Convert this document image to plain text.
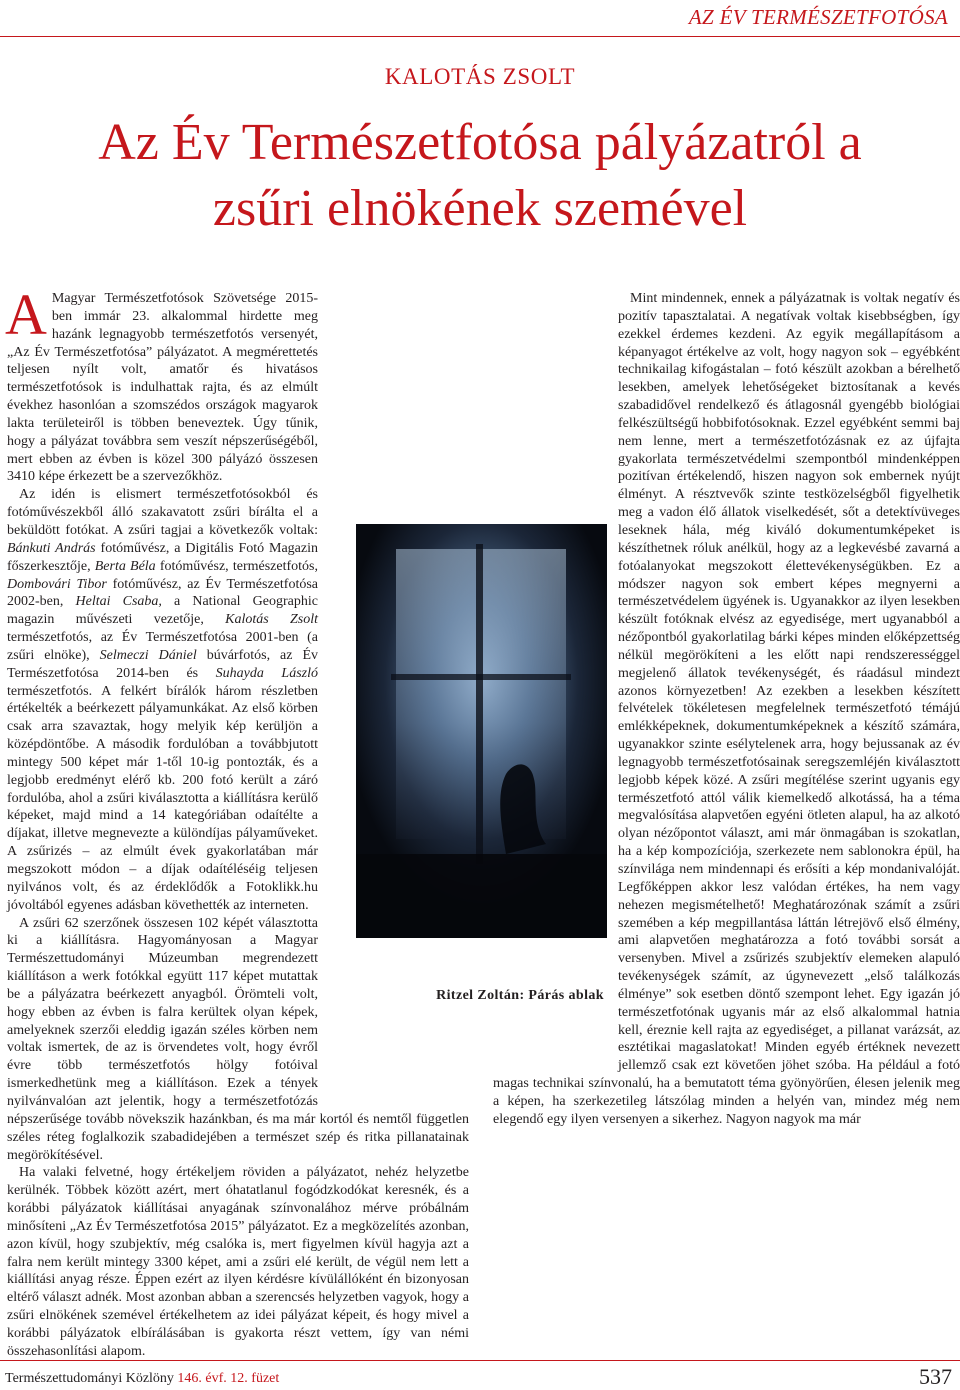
AZ ÉV TERMÉSZETFOTÓSA
KALOTÁS ZSOLT
Az Év Természetfotósa pályázatról a
zsűri elnökének szemével

A Magyar Természetfotósok Szövetsége 2015-ben immár 23. alkalommal hirdette meg hazánk legnagyobb természetfotós versenyét, „Az Év Természetfotósa” pályázatot. A megmérettetés teljesen nyílt volt, amatőr és hivatásos természetfotósok is indulhattak rajta, és az elmúlt évekhez hasonlóan a szomszédos országok magyarok lakta területeiről is többen beneveztek. Úgy tűnik, hogy a pályázat továbbra sem veszít népszerűségéből, mert ebben az évben is közel 300 pályázó összesen 3410 képe érkezett be a szervezőkhöz.

Az idén is elismert természetfotósokból és fotóművészekből álló szakavatott zsűri bírálta el a beküldött fotókat. A zsűri tagjai a következők voltak: Bánkuti András fotóművész, a Digitális Fotó Magazin főszerkesztője, Berta Béla fotóművész, természetfotós, Dombovári Tibor fotóművész, az Év Természetfotósa 2002-ben, Heltai Csaba, a National Geographic magazin művészeti vezetője, Kalotás Zsolt természetfotós, az Év Természetfotósa 2001-ben (a zsűri elnöke), Selmeczi Dániel búvárfotós, az Év Természetfotósa 2014-ben és Suhayda László természetfotós. A felkért bírálók három részletben értékelték a beérkezett pályamunkákat. Az első körben csak arra szavaztak, hogy melyik kép kerüljön a középdöntőbe. A második fordulóban a továbbjutott mintegy 500 képet már 1-től 10-ig pontozták, és a legjobb eredményt elérő kb. 200 fotó került a záró fordulóba, ahol a zsűri kiválasztotta a kiállításra kerülő képeket, majd mind a 14 kategóriában odaítélte a díjakat, illetve megnevezte a különdíjas pályaműveket. A zsűrizés – az elmúlt évek gyakorlatában már megszokott módon – a díjak odaítéléséig teljesen nyilvános volt, és az érdeklődők a Fotoklikk.hu jóvoltából egyenes adásban követhették az interneten.

A zsűri 62 szerzőnek összesen 102 képét választotta ki a kiállításra. Hagyományosan a Magyar Természettudományi Múzeumban megrendezett kiállításon a werk fotókkal együtt 117 képet mutattak be a pályázatra beérkezett anyagból. Örömteli volt, hogy ebben az évben is falra kerültek olyan képek, amelyeknek szerzői eleddig igazán széles körben nem voltak ismertek, de az is örvendetes volt, hogy évről évre több természetfotós hölgy fotóival ismerkedhetünk meg a kiállításon. Ezek a tények nyilvánvalóan azt jelentik, hogy a természetfotózás népszerűsége tovább növekszik hazánkban, és ma már kortól és nemtől független széles réteg foglalkozik szabadidejében a természet szép és ritka pillanatainak megörökítésével.

Ha valaki felvetné, hogy értékeljem röviden a pályázatot, nehéz helyzetbe kerülnék. Többek között azért, mert óhatatlanul fogódzkodókat keresnék, és a korábbi pályázatok kiállításai anyagának színvonalához mérve próbálnám minősíteni „Az Év Természetfotósa 2015” pályázatot. Ez a megközelítés azonban, azon kívül, hogy szubjektív, még csalóka is, mert figyelmen kívül hagyja azt a falra nem került mintegy 3300 képet, ami a zsűri elé került, de végül nem lett a kiállítási anyag része. Éppen ezért az ilyen kérdésre kívülállóként én bizonyosan eltérő választ adnék. Most azonban abban a szerencsés helyzetben vagyok, hogy a zsűri elnökének szemével értékelhetem az idei pályázat képeit, és hogy mivel a korábbi pályázatok elbírálásában is gyakorta részt vettem, így van némi összehasonlítási alapom.

Mint mindennek, ennek a pályázatnak is voltak negatív és pozitív tapasztalatai. A negatívak voltak kisebbségben, így ezekkel érdemes kezdeni. Az egyik megállapításom a képanyagot értékelve az volt, hogy nagyon sok – egyébként technikailag kifogástalan – fotó készült azokban a bérelhető lesekben, amelyek lehetőségeket biztosítanak a kevés szabadidővel rendelkező és átlagosnál gyengébb biológiai felkészültségű hobbifotósoknak. Ezzel egyébként semmi baj nem lenne, mert a természetfotózásnak ez az újfajta gyakorlata természetvédelmi szempontból mindenképpen pozitívan értékelendő, hiszen nagyon sok embernek nyújt élményt. A résztvevők szinte testközelségből figyelhetik meg a vadon élő állatok viselkedését, sőt a detektívüveges leseknek hála, még kiváló dokumentumképeket is készíthetnek róluk anélkül, hogy az a legkevésbé zavarná a fotóalanyokat megszokott élettevékenységükben. Ez a módszer nagyon sok embert képes megnyerni a természetvédelem ügyének is. Ugyanakkor az ilyen lesekben készült fotóknak elvész az egyedisége, mert ugyanabból a nézőpontból gyakorlatilag bárki képes minden előképzettség nélkül megörökíteni a les előtt napi rendszerességgel megjelenő állatok tevékenységét, és ráadásul mindezt azonos környezetben! Az ezekben a lesekben készített felvételek tökéletesen megfelelnek természetfotó témájú emlékképeknek, dokumentumképeknek a készítő számára, ugyanakkor szinte esélytelenek arra, hogy bejussanak az év legnagyobb természetfotósainak seregszemléjén kiválasztott legjobb képek közé. A zsűri megítélése szerint ugyanis egy természetfotó attól válik kiemelkedő alkotássá, ha a téma megvalósítása alapvetően egyéni ötleten alapul, ha az alkotó olyan nézőpontot választ, ami már önmagában is szokatlan, ha a kép kompozíciója, szerkezete nem sablonokra épül, ha színvilága nem mindennapi és erősíti a kép mondanivalóját. Legfőképpen akkor lesz valódan értékes, ha nem vagy nehezen megismételhető! Meghatározónak számít a zsűri szemében a kép megpillantása láttán létrejövő első élmény, ami alapvetően meghatározza a fotó további sorsát a versenyben. Mivel a zsűrizés szubjektív elemeken alapuló tevékenységek számít, az úgynevezett „első találkozás élménye” sok esetben döntő szempont lehet. Egy igazán jó természetfotónak ugyanis már az első alkalommal hatnia kell, éreznie kell rajta az egyediséget, a pillanat varázsát, az esztétikai magaslatokat! Minden egyéb értéknek nevezett jellemző csak ezt követően jöhet szóba. Ha például a fotó magas technikai színvonalú, ha a bemutatott téma gyönyörűen, élesen jelenik meg a képen, ha szerkezetileg látszólag minden a helyén van, mindez még nem elegendő egy ilyen versenyen a sikerhez. Nagyon nagyok ma már

Ritzel Zoltán: Párás ablak
Természettudományi Közlöny 146. évf. 12. füzet	537
